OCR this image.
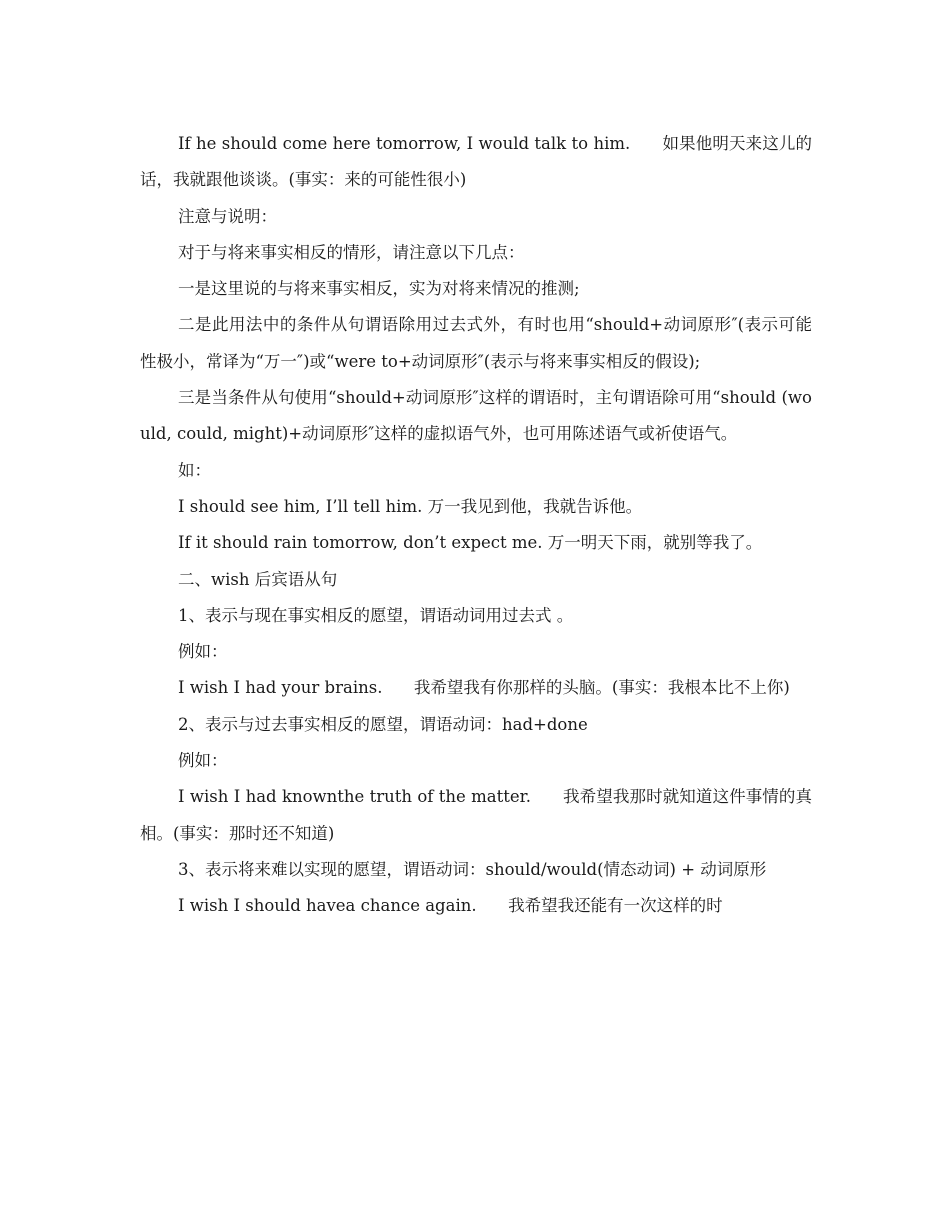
If he should come here tomorrow, I would talk to him.      如果他明天来这儿的话，我就跟他谈谈。(事实：来的可能性很小)

注意与说明：

对于与将来事实相反的情形，请注意以下几点：

一是这里说的与将来事实相反，实为对将来情况的推测;

二是此用法中的条件从句谓语除用过去式外，有时也用“should+动词原形″(表示可能性极小，常译为“万一″)或“were to+动词原形″(表示与将来事实相反的假设);

三是当条件从句使用“should+动词原形″这样的谓语时，主句谓语除可用“should (would, could, might)+动词原形″这样的虚拟语气外，也可用陈述语气或祈使语气。

如：

I should see him, I’ll tell him. 万一我见到他，我就告诉他。

If it should rain tomorrow, don’t expect me. 万一明天下雨，就别等我了。

二、wish 后宾语从句

1、表示与现在事实相反的愿望，谓语动词用过去式 。

例如：

I wish I had your brains.      我希望我有你那样的头脑。(事实：我根本比不上你)

2、表示与过去事实相反的愿望，谓语动词：had+done

例如：

I wish I had knownthe truth of the matter.      我希望我那时就知道这件事情的真相。(事实：那时还不知道)

3、表示将来难以实现的愿望，谓语动词：should/would(情态动词) + 动词原形

I wish I should havea chance again.      我希望我还能有一次这样的时
